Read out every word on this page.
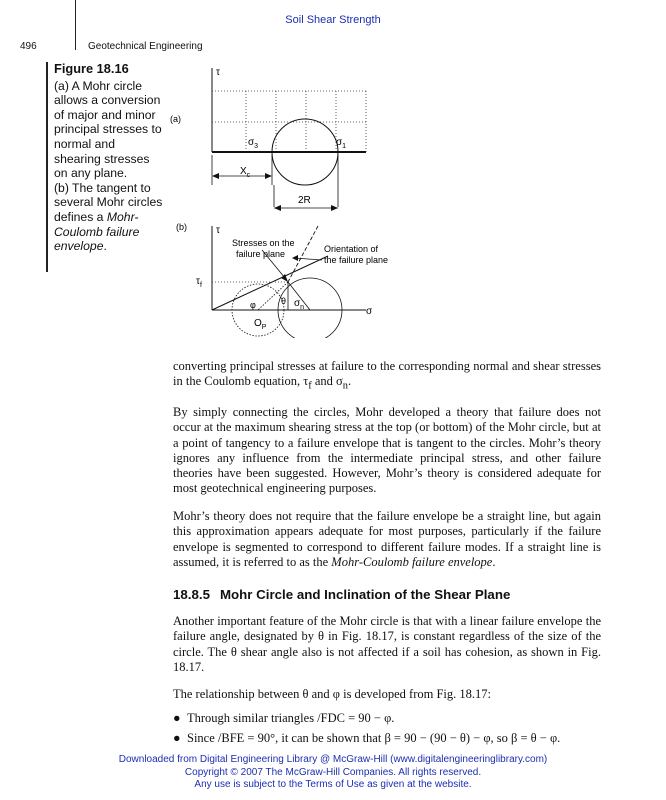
Soil Shear Strength
496	Geotechnical Engineering
Figure 18.16
(a) A Mohr circle allows a conversion of major and minor principal stresses to normal and shearing stresses on any plane.
(b) The tangent to several Mohr circles defines a Mohr-Coulomb failure envelope.
(a)
τ
$\sigma_3$	$\sigma_1$
$X_c$
2R
(b)	τ
σ
$\tau_f$
Stresses on the
failure plane	Orientation of
the failure plane
φ	θ $\sigma_n$
$O_P$
converting principal stresses at failure to the corresponding normal and shear stresses in the Coulomb equation, $\tau_f$ and $\sigma_n$.
By simply connecting the circles, Mohr developed a theory that failure does not occur at the maximum shearing stress at the top (or bottom) of the Mohr circle, but at a point of tangency to a failure envelope that is tangent to the circles. Mohr’s theory ignores any influence from the intermediate principal stress, and other failure theories have been suggested. However, Mohr’s theory is considered adequate for most geotechnical engineering purposes.
Mohr’s theory does not require that the failure envelope be a straight line, but again this approximation appears adequate for most purposes, particularly if the failure envelope is segmented to correspond to different failure modes. If a straight line is assumed, it is referred to as the Mohr-Coulomb failure envelope.
18.8.5 Mohr Circle and Inclination of the Shear Plane
Another important feature of the Mohr circle is that with a linear failure envelope the failure angle, designated by θ in Fig. 18.17, is constant regardless of the size of the circle. The θ shear angle also is not affected if a soil has cohesion, as shown in Fig. 18.17.
The relationship between θ and φ is developed from Fig. 18.17:
● Through similar triangles /FDC = 90 − φ.
● Since /BFE = 90°, it can be shown that β = 90 − (90 − θ) − φ, so β = θ − φ.
Downloaded from Digital Engineering Library @ McGraw-Hill (www.digitalengineeringlibrary.com)
Copyright © 2007 The McGraw-Hill Companies. All rights reserved.
Any use is subject to the Terms of Use as given at the website.
